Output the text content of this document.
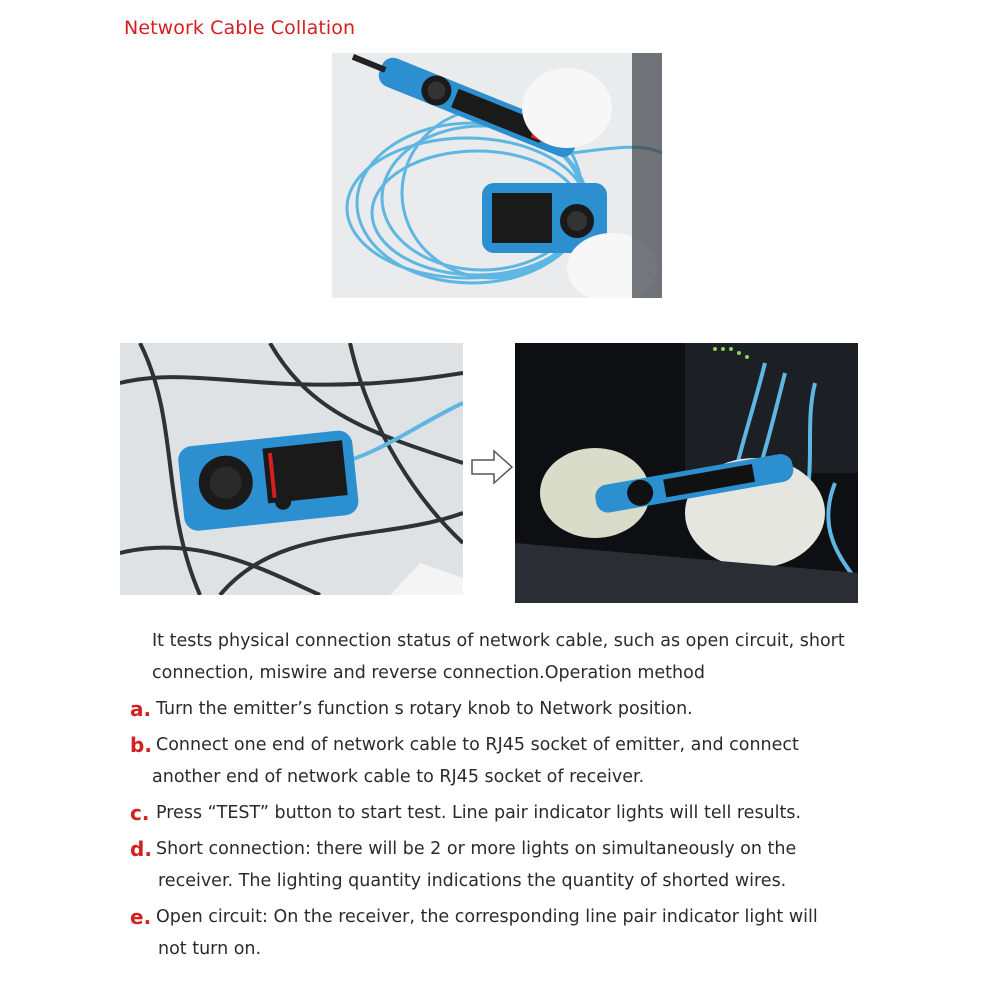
Network Cable Collation
It tests physical connection status of network cable, such as open circuit, short
connection, miswire and reverse connection.Operation method
a. Turn the emitter’s function s rotary knob to Network position.
b. Connect one end of network cable to RJ45 socket of emitter, and connect
another end of network cable to RJ45 socket of receiver.
c. Press “TEST” button to start test. Line pair indicator lights will tell results.
d. Short connection: there will be 2 or more lights on simultaneously on the
receiver. The lighting quantity indications the quantity of shorted wires.
e. Open circuit: On the receiver, the corresponding line pair indicator light will
not turn on.
